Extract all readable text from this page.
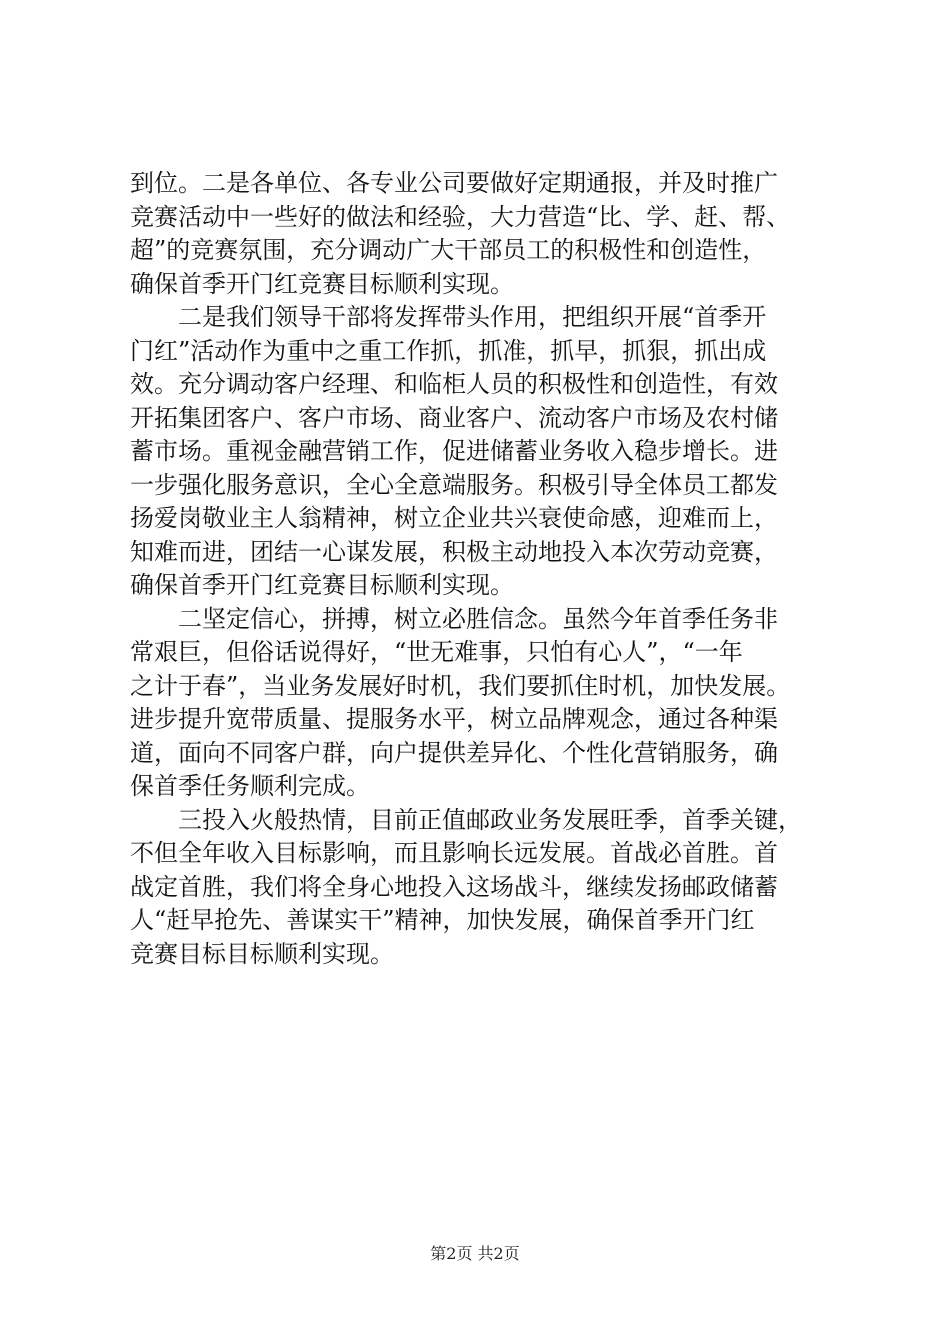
到位。二是各单位、各专业公司要做好定期通报，并及时推广
竞赛活动中一些好的做法和经验，大力营造“比、学、赶、帮、
超”的竞赛氛围，充分调动广大干部员工的积极性和创造性，
确保首季开门红竞赛目标顺利实现。
二是我们领导干部将发挥带头作用，把组织开展“首季开
门红”活动作为重中之重工作抓，抓准，抓早，抓狠，抓出成
效。充分调动客户经理、和临柜人员的积极性和创造性，有效
开拓集团客户、客户市场、商业客户、流动客户市场及农村储
蓄市场。重视金融营销工作，促进储蓄业务收入稳步增长。进
一步强化服务意识，全心全意端服务。积极引导全体员工都发
扬爱岗敬业主人翁精神，树立企业共兴衰使命感，迎难而上，
知难而进，团结一心谋发展，积极主动地投入本次劳动竞赛，
确保首季开门红竞赛目标顺利实现。
二坚定信心，拼搏，树立必胜信念。虽然今年首季任务非
常艰巨，但俗话说得好，“世无难事，只怕有心人”，“一年
之计于春”，当业务发展好时机，我们要抓住时机，加快发展。
进步提升宽带质量、提服务水平，树立品牌观念，通过各种渠
道，面向不同客户群，向户提供差异化、个性化营销服务，确
保首季任务顺利完成。
三投入火般热情，目前正值邮政业务发展旺季，首季关键，
不但全年收入目标影响，而且影响长远发展。首战必首胜。首
战定首胜，我们将全身心地投入这场战斗，继续发扬邮政储蓄
人“赶早抢先、善谋实干”精神，加快发展，确保首季开门红
竞赛目标目标顺利实现。
第2页 共2页
